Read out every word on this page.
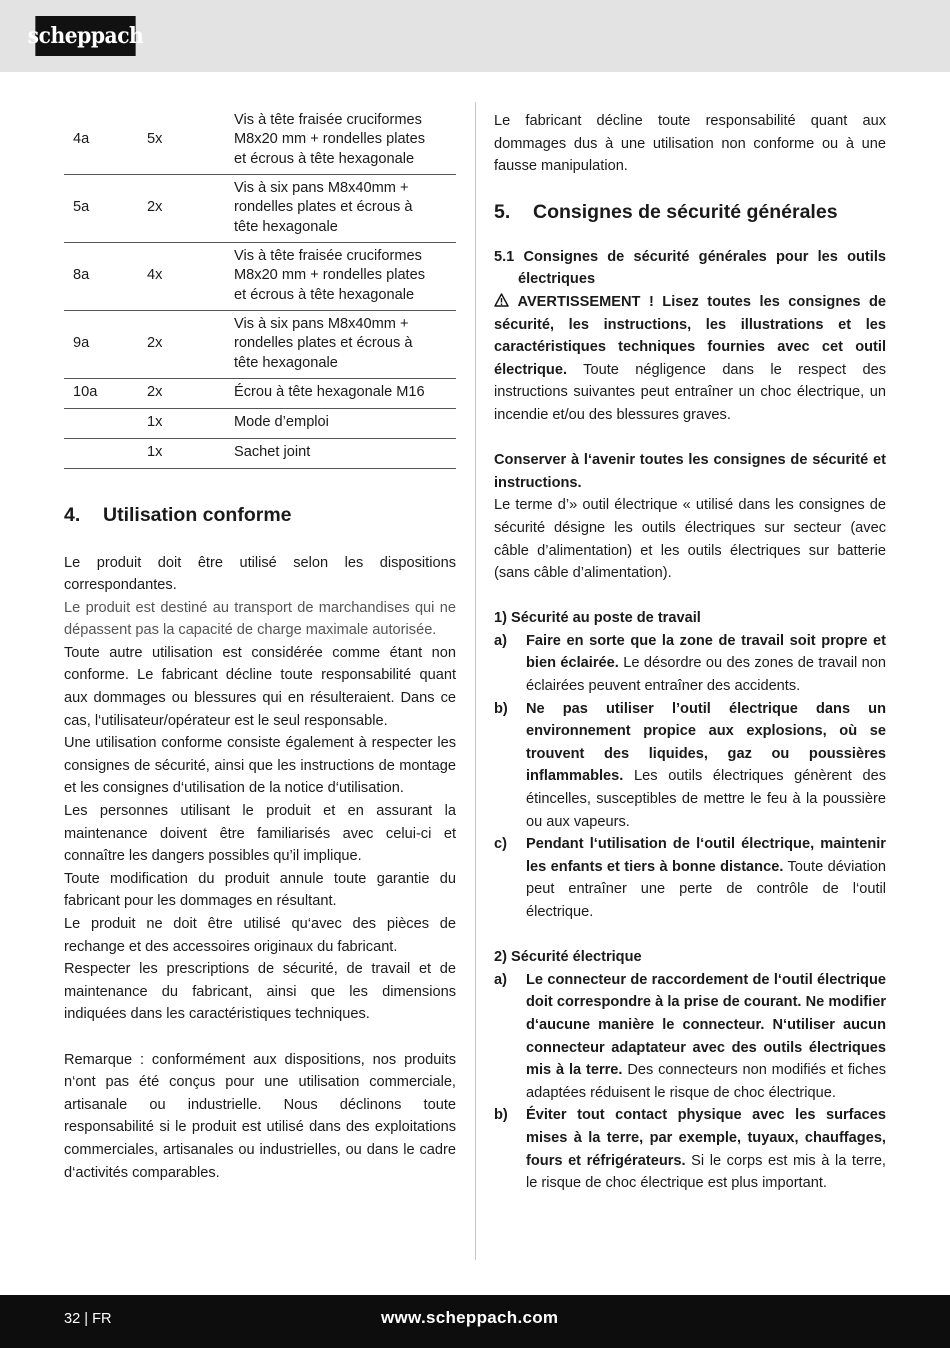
scheppach
4a	5x	Vis à tête fraisée cruciformes
M8x20 mm + rondelles plates
et écrous à tête hexagonale

5a	2x	Vis à six pans M8x40mm +
rondelles plates et écrous à
tête hexagonale

8a	4x	Vis à tête fraisée cruciformes
M8x20 mm + rondelles plates
et écrous à tête hexagonale

9a	2x	Vis à six pans M8x40mm +
rondelles plates et écrous à
tête hexagonale

10a	2x	Écrou à tête hexagonale M16

	1x	Mode d’emploi

	1x	Sachet joint
4. Utilisation conforme

Le produit doit être utilisé selon les dispositions correspondantes.

Le produit est destiné au transport de marchandises qui ne dépassent pas la capacité de charge maximale autorisée.

Toute autre utilisation est considérée comme étant non conforme. Le fabricant décline toute responsabilité quant aux dommages ou blessures qui en résulteraient. Dans ce cas, l‘utilisateur/opérateur est le seul responsable.

Une utilisation conforme consiste également à respecter les consignes de sécurité, ainsi que les instructions de montage et les consignes d‘utilisation de la notice d‘utilisation.

Les personnes utilisant le produit et en assurant la maintenance doivent être familiarisés avec celui-ci et connaître les dangers possibles qu’il implique.

Toute modification du produit annule toute garantie du fabricant pour les dommages en résultant.

Le produit ne doit être utilisé qu‘avec des pièces de rechange et des accessoires originaux du fabricant.

Respecter les prescriptions de sécurité, de travail et de maintenance du fabricant, ainsi que les dimensions indiquées dans les caractéristiques techniques.

Remarque : conformément aux dispositions, nos produits n‘ont pas été conçus pour une utilisation commerciale, artisanale ou industrielle. Nous déclinons toute responsabilité si le produit est utilisé dans des exploitations commerciales, artisanales ou industrielles, ou dans le cadre d‘activités comparables.

Le fabricant décline toute responsabilité quant aux dommages dus à une utilisation non conforme ou à une fausse manipulation.

5. Consignes de sécurité générales

5.1 Consignes de sécurité générales pour les outils électriques

AVERTISSEMENT ! Lisez toutes les consignes de sécurité, les instructions, les illustrations et les caractéristiques techniques fournies avec cet outil électrique. Toute négligence dans le respect des instructions suivantes peut entraîner un choc électrique, un incendie et/ou des blessures graves.

Conserver à l‘avenir toutes les consignes de sécurité et instructions.

Le terme d’» outil électrique « utilisé dans les consignes de sécurité désigne les outils électriques sur secteur (avec câble d’alimentation) et les outils électriques sur batterie (sans câble d’alimentation).

1) Sécurité au poste de travail

a) Faire en sorte que la zone de travail soit propre et bien éclairée. Le désordre ou des zones de travail non éclairées peuvent entraîner des accidents.
b) Ne pas utiliser l’outil électrique dans un environnement propice aux explosions, où se trouvent des liquides, gaz ou poussières inflammables. Les outils électriques génèrent des étincelles, susceptibles de mettre le feu à la poussière ou aux vapeurs.
c) Pendant l‘utilisation de l‘outil électrique, maintenir les enfants et tiers à bonne distance. Toute déviation peut entraîner une perte de contrôle de l‘outil électrique.

2) Sécurité électrique

a) Le connecteur de raccordement de l‘outil électrique doit correspondre à la prise de courant. Ne modifier d‘aucune manière le connecteur. N‘utiliser aucun connecteur adaptateur avec des outils électriques mis à la terre. Des connecteurs non modifiés et fiches adaptées réduisent le risque de choc électrique.
b) Éviter tout contact physique avec les surfaces mises à la terre, par exemple, tuyaux, chauffages, fours et réfrigérateurs. Si le corps est mis à la terre, le risque de choc électrique est plus important.
32 | FR	www.scheppach.com
